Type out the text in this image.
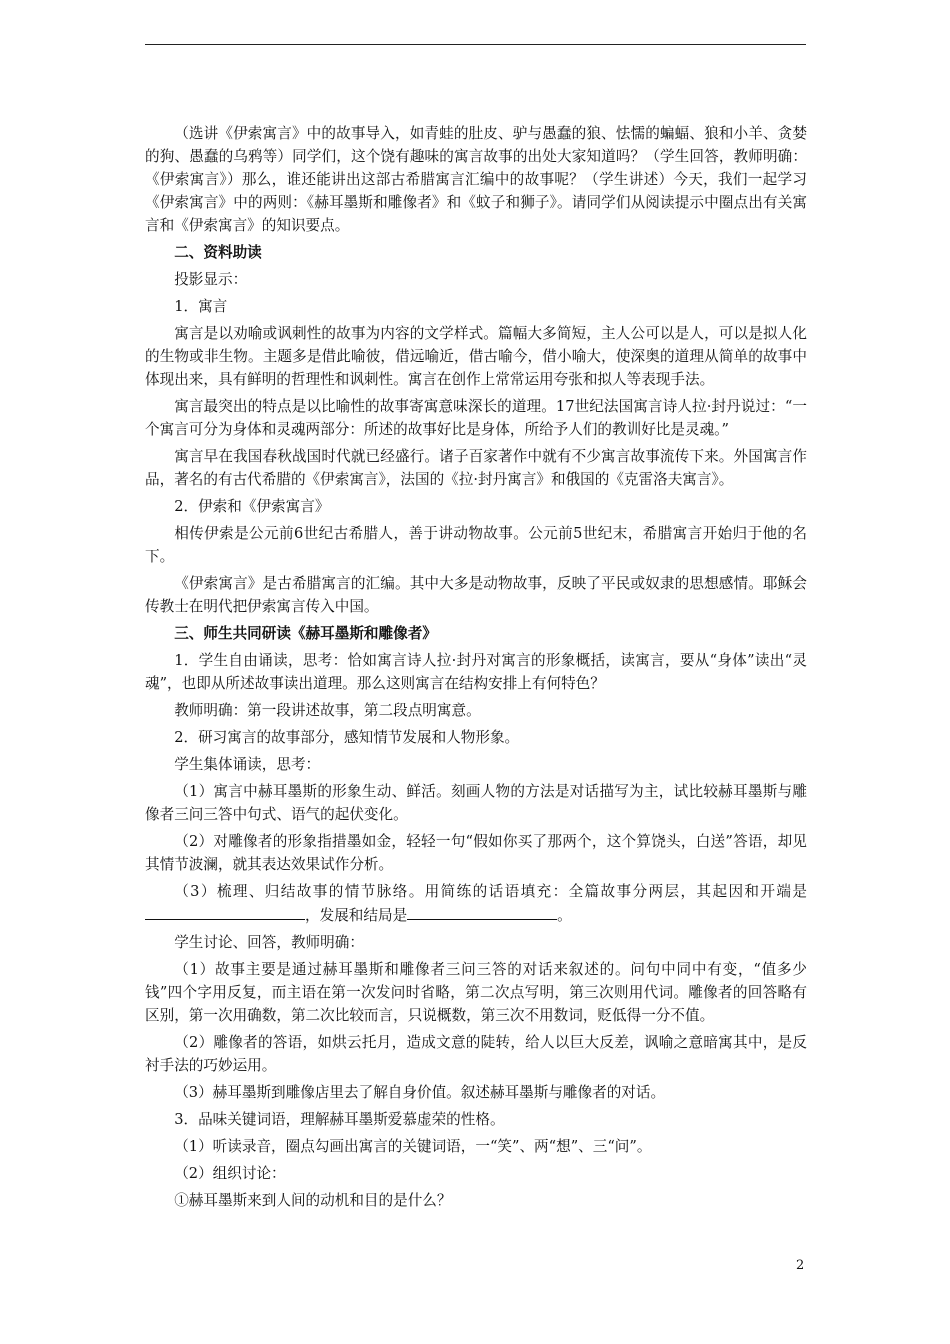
（选讲《伊索寓言》中的故事导入，如青蛙的肚皮、驴与愚蠢的狼、怯懦的蝙蝠、狼和小羊、贪婪的狗、愚蠢的乌鸦等）同学们，这个饶有趣味的寓言故事的出处大家知道吗？（学生回答，教师明确：《伊索寓言》）那么，谁还能讲出这部古希腊寓言汇编中的故事呢？（学生讲述）今天，我们一起学习《伊索寓言》中的两则：《赫耳墨斯和雕像者》和《蚊子和狮子》。请同学们从阅读提示中圈点出有关寓言和《伊索寓言》的知识要点。

二、资料助读

投影显示：

1．寓言

寓言是以劝喻或讽刺性的故事为内容的文学样式。篇幅大多简短，主人公可以是人，可以是拟人化的生物或非生物。主题多是借此喻彼，借远喻近，借古喻今，借小喻大，使深奥的道理从简单的故事中体现出来，具有鲜明的哲理性和讽刺性。寓言在创作上常常运用夸张和拟人等表现手法。

寓言最突出的特点是以比喻性的故事寄寓意味深长的道理。17世纪法国寓言诗人拉·封丹说过：“一个寓言可分为身体和灵魂两部分：所述的故事好比是身体，所给予人们的教训好比是灵魂。”

寓言早在我国春秋战国时代就已经盛行。诸子百家著作中就有不少寓言故事流传下来。外国寓言作品，著名的有古代希腊的《伊索寓言》，法国的《拉·封丹寓言》和俄国的《克雷洛夫寓言》。

2．伊索和《伊索寓言》

相传伊索是公元前6世纪古希腊人，善于讲动物故事。公元前5世纪末，希腊寓言开始归于他的名下。

《伊索寓言》是古希腊寓言的汇编。其中大多是动物故事，反映了平民或奴隶的思想感情。耶稣会传教士在明代把伊索寓言传入中国。

三、师生共同研读《赫耳墨斯和雕像者》

1．学生自由诵读，思考：恰如寓言诗人拉·封丹对寓言的形象概括，读寓言，要从“身体”读出“灵魂”，也即从所述故事读出道理。那么这则寓言在结构安排上有何特色？

教师明确：第一段讲述故事，第二段点明寓意。

2．研习寓言的故事部分，感知情节发展和人物形象。

学生集体诵读，思考：

（1）寓言中赫耳墨斯的形象生动、鲜活。刻画人物的方法是对话描写为主，试比较赫耳墨斯与雕像者三问三答中句式、语气的起伏变化。

（2）对雕像者的形象指措墨如金，轻轻一句“假如你买了那两个，这个算饶头，白送”答语，却见其情节波澜，就其表达效果试作分析。

（3）梳理、归结故事的情节脉络。用简练的话语填充：全篇故事分两层，其起因和开端是，发展和结局是	。

学生讨论、回答，教师明确：

（1）故事主要是通过赫耳墨斯和雕像者三问三答的对话来叙述的。问句中同中有变，“值多少钱”四个字用反复，而主语在第一次发问时省略，第二次点写明，第三次则用代词。雕像者的回答略有区别，第一次用确数，第二次比较而言，只说概数，第三次不用数词，贬低得一分不值。

（2）雕像者的答语，如烘云托月，造成文意的陡转，给人以巨大反差，讽喻之意暗寓其中，是反衬手法的巧妙运用。

（3）赫耳墨斯到雕像店里去了解自身价值。叙述赫耳墨斯与雕像者的对话。

3．品味关键词语，理解赫耳墨斯爱慕虚荣的性格。

（1）听读录音，圈点勾画出寓言的关键词语，一“笑”、两“想”、三“问”。

（2）组织讨论：

①赫耳墨斯来到人间的动机和目的是什么？

2
